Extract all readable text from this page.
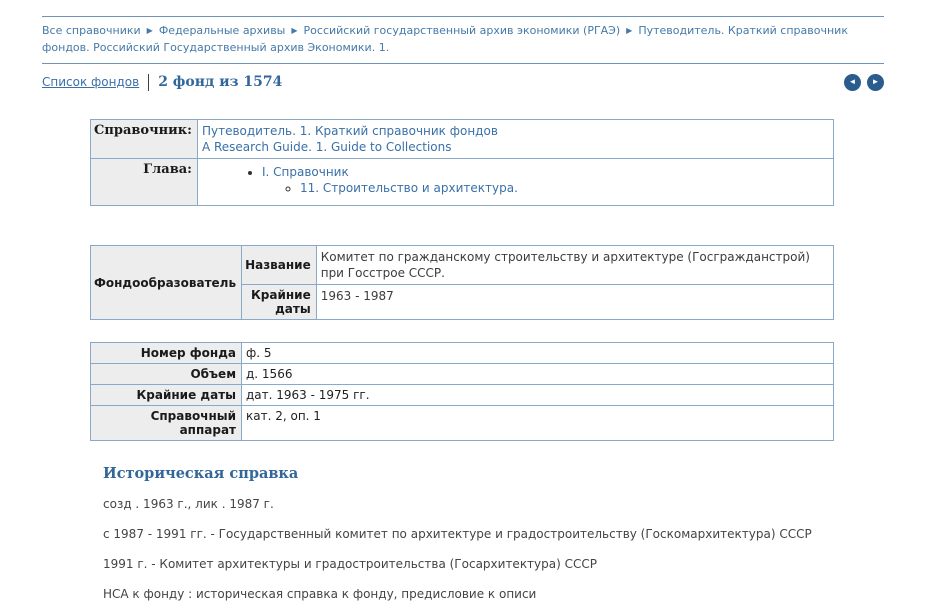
Все справочники ▶ Федеральные архивы ▶ Российский государственный архив экономики (РГАЭ) ▶ Путеводитель. Краткий справочник фондов. Российский Государственный архив Экономики. 1.
Список фондов 2 фонд из 1574	◄ ►
Справочник:	Путеводитель. 1. Краткий справочник фондов
A Research Guide. 1. Guide to Collections

Глава:	
•I. Справочник
◦ 11. Строительство и архитектура.
Фондообразователь	Название	Комитет по гражданскому строительству и архитектуре (Госгражданстрой) при Госстрое СССР.
	Крайние даты	1963 - 1987
Номер фонда	ф. 5
Объем	д. 1566
Крайние даты	дат. 1963 - 1975 гг.
Справочный аппарат	кат. 2, оп. 1
Историческая справка

созд . 1963 г., лик . 1987 г.

с 1987 - 1991 гг. - Государственный комитет по архитектуре и градостроительству (Госкомархитектура) СССР

1991 г. - Комитет архитектуры и градостроительства (Госарxитектура) СССР

НСА к фонду : историческая справка к фонду, предисловие к описи
